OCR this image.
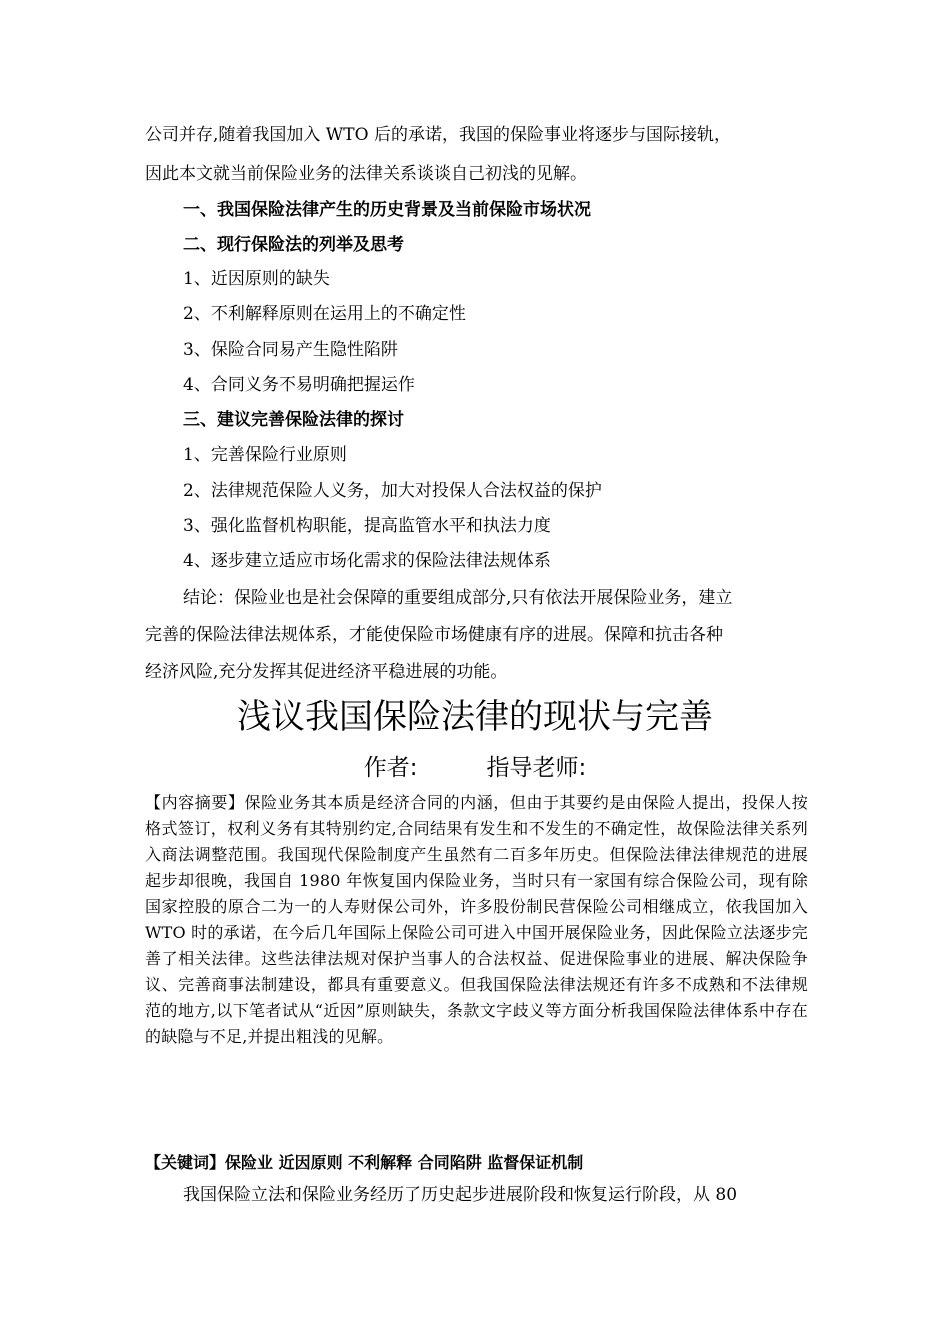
公司并存,随着我国加入 WTO 后的承诺，我国的保险事业将逐步与国际接轨，
因此本文就当前保险业务的法律关系谈谈自己初浅的见解。
一、我国保险法律产生的历史背景及当前保险市场状况
二、现行保险法的列举及思考
1、近因原则的缺失
2、不利解释原则在运用上的不确定性
3、保险合同易产生隐性陷阱
4、合同义务不易明确把握运作
三、建议完善保险法律的探讨
1、完善保险行业原则
2、法律规范保险人义务，加大对投保人合法权益的保护
3、强化监督机构职能，提高监管水平和执法力度
4、逐步建立适应市场化需求的保险法律法规体系
结论：保险业也是社会保障的重要组成部分,只有依法开展保险业务，建立
完善的保险法律法规体系，才能使保险市场健康有序的进展。保障和抗击各种
经济风险,充分发挥其促进经济平稳进展的功能。
浅议我国保险法律的现状与完善
作者:　　　指导老师:
【内容摘要】保险业务其本质是经济合同的内涵，但由于其要约是由保险人提出，投保人按格式签订，权利义务有其特别约定,合同结果有发生和不发生的不确定性，故保险法律关系列入商法调整范围。我国现代保险制度产生虽然有二百多年历史。但保险法律法律规范的进展起步却很晚，我国自 1980 年恢复国内保险业务，当时只有一家国有综合保险公司，现有除国家控股的原合二为一的人寿财保公司外，许多股份制民营保险公司相继成立，依我国加入 WTO 时的承诺，在今后几年国际上保险公司可进入中国开展保险业务，因此保险立法逐步完善了相关法律。这些法律法规对保护当事人的合法权益、促进保险事业的进展、解决保险争议、完善商事法制建设，都具有重要意义。但我国保险法律法规还有许多不成熟和不法律规范的地方,以下笔者试从“近因”原则缺失，条款文字歧义等方面分析我国保险法律体系中存在的缺隐与不足,并提出粗浅的见解。
【关键词】保险业 近因原则 不利解释 合同陷阱 监督保证机制
我国保险立法和保险业务经历了历史起步进展阶段和恢复运行阶段，从 80
